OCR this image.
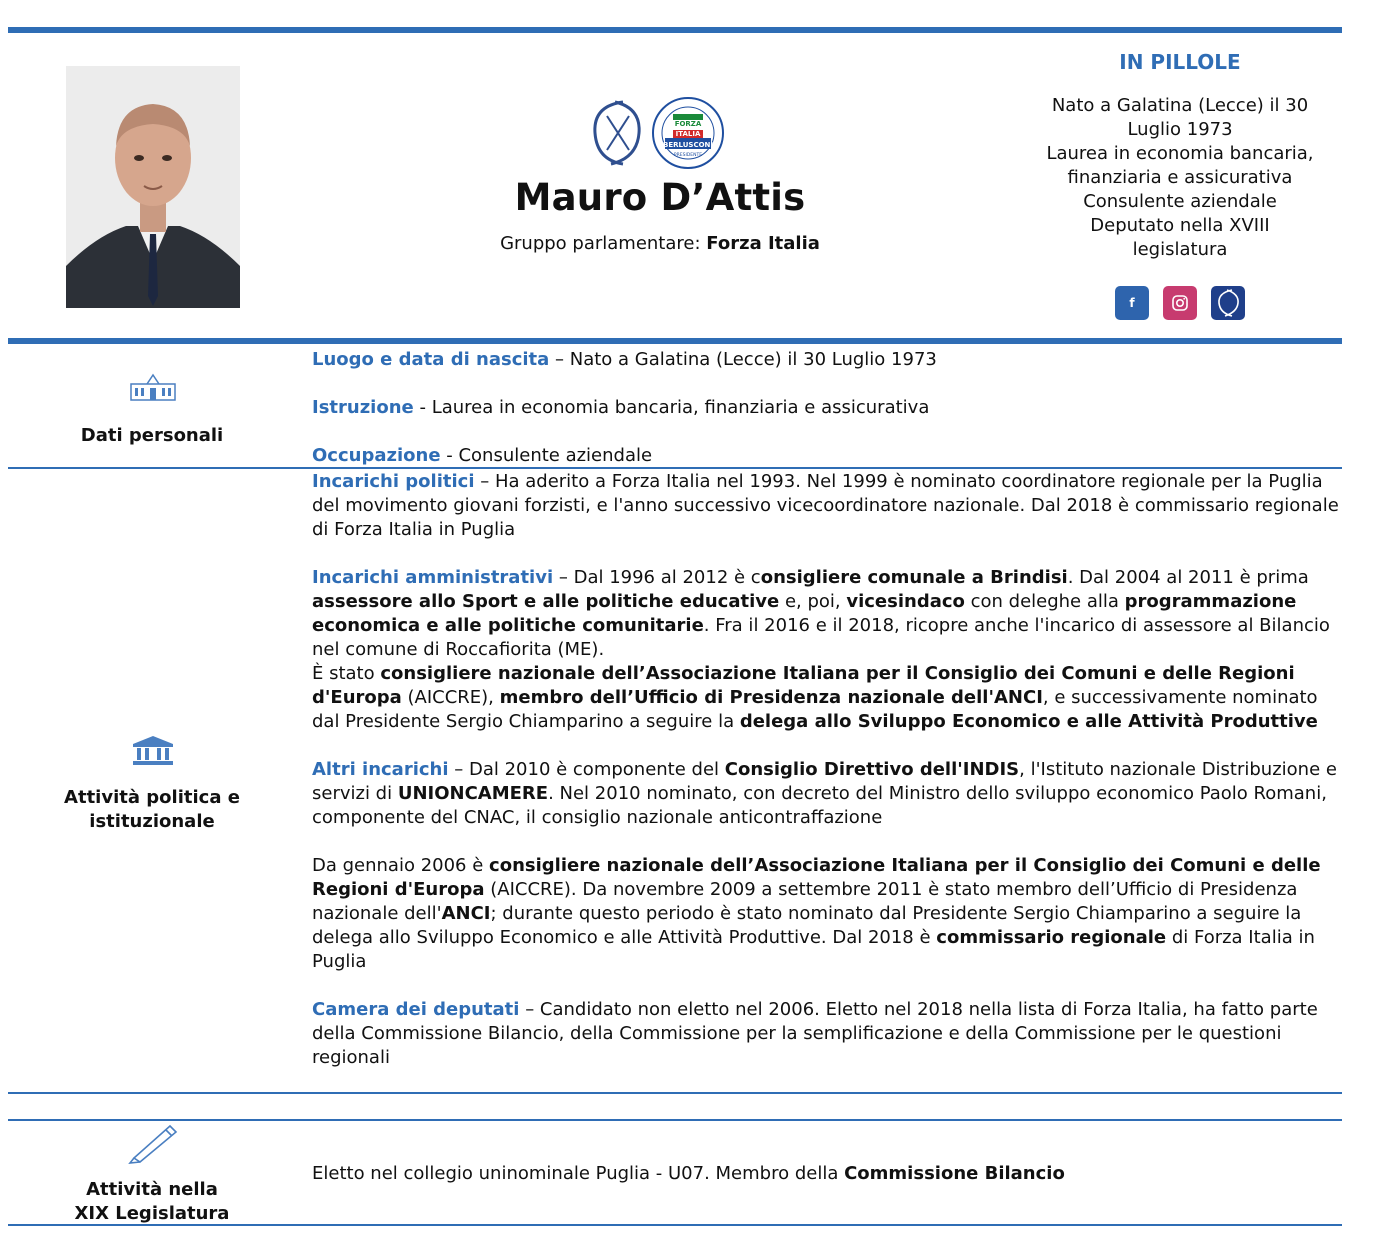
FORZA
ITALIA
BERLUSCONI
PRESIDENTE
Mauro D’Attis
Gruppo parlamentare: Forza Italia
IN PILLOLE
Nato a Galatina (Lecce) il 30
Luglio 1973
Laurea in economia bancaria,
finanziaria e assicurativa
Consulente aziendale
Deputato nella XVIII
legislatura
f
Dati personali

Luogo e data di nascita – Nato a Galatina (Lecce) il 30 Luglio 1973

Istruzione - Laurea in economia bancaria, finanziaria e assicurativa

Occupazione - Consulente aziendale

Attività politica e
istituzionale

Incarichi politici – Ha aderito a Forza Italia nel 1993. Nel 1999 è nominato coordinatore regionale per la Puglia del movimento giovani forzisti, e l'anno successivo vicecoordinatore nazionale. Dal 2018 è commissario regionale di Forza Italia in Puglia

Incarichi amministrativi – Dal 1996 al 2012 è consigliere comunale a Brindisi. Dal 2004 al 2011 è prima assessore allo Sport e alle politiche educative e, poi, vicesindaco con deleghe alla programmazione economica e alle politiche comunitarie. Fra il 2016 e il 2018, ricopre anche l'incarico di assessore al Bilancio nel comune di Roccafiorita (ME).

È stato consigliere nazionale dell’Associazione Italiana per il Consiglio dei Comuni e delle Regioni d'Europa (AICCRE), membro dell’Ufficio di Presidenza nazionale dell'ANCI, e successivamente nominato dal Presidente Sergio Chiamparino a seguire la delega allo Sviluppo Economico e alle Attività Produttive

Altri incarichi – Dal 2010 è componente del Consiglio Direttivo dell'INDIS, l'Istituto nazionale Distribuzione e servizi di UNIONCAMERE. Nel 2010 nominato, con decreto del Ministro dello sviluppo economico Paolo Romani, componente del CNAC, il consiglio nazionale anticontraffazione

Da gennaio 2006 è consigliere nazionale dell’Associazione Italiana per il Consiglio dei Comuni e delle Regioni d'Europa (AICCRE). Da novembre 2009 a settembre 2011 è stato membro dell’Ufficio di Presidenza nazionale dell'ANCI; durante questo periodo è stato nominato dal Presidente Sergio Chiamparino a seguire la delega allo Sviluppo Economico e alle Attività Produttive. Dal 2018 è commissario regionale di Forza Italia in Puglia

Camera dei deputati – Candidato non eletto nel 2006. Eletto nel 2018 nella lista di Forza Italia, ha fatto parte della Commissione Bilancio, della Commissione per la semplificazione e della Commissione per le questioni regionali

Attività nella
XIX Legislatura

Eletto nel collegio uninominale Puglia - U07. Membro della Commissione Bilancio
